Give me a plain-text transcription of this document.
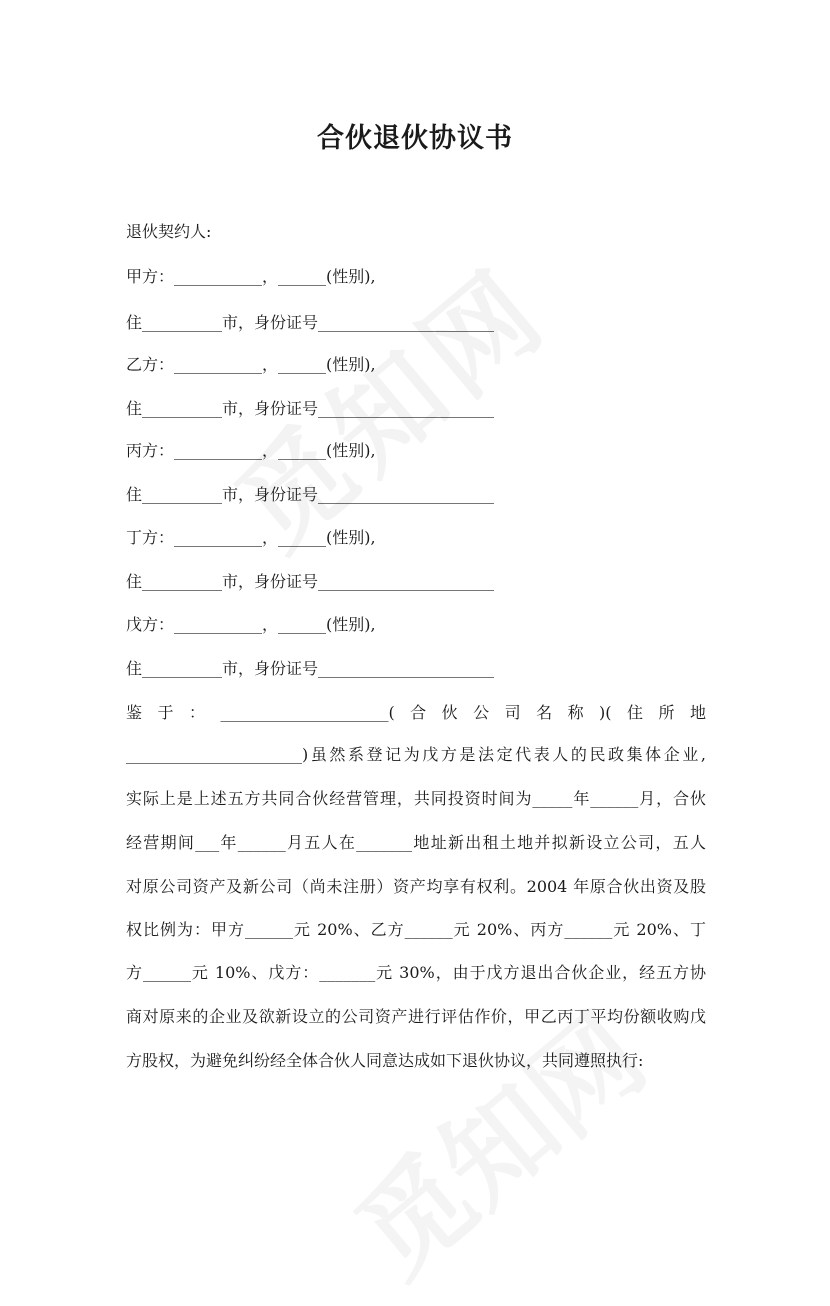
合伙退伙协议书
退伙契约人:
甲方：___________，______(性别),
住__________市，身份证号______________________
乙方：___________，______(性别),
住__________市，身份证号______________________
丙方：___________，______(性别),
住__________市，身份证号______________________
丁方：___________，______(性别),
住__________市，身份证号______________________
戊方：___________，______(性别),
住__________市，身份证号______________________
鉴于：_____________________(合伙公司名称)(住所地
______________________)虽然系登记为戊方是法定代表人的民政集体企业,
实际上是上述五方共同合伙经营管理，共同投资时间为_____年______月，合伙
经营期间___年______月五人在_______地址新出租土地并拟新设立公司，五人
对原公司资产及新公司（尚未注册）资产均享有权利。2004 年原合伙出资及股
权比例为：甲方______元 20%、乙方______元 20%、丙方______元 20%、丁
方______元 10%、戊方：_______元 30%，由于戊方退出合伙企业，经五方协
商对原来的企业及欲新设立的公司资产进行评估作价，甲乙丙丁平均份额收购戊
方股权，为避免纠纷经全体合伙人同意达成如下退伙协议，共同遵照执行:
